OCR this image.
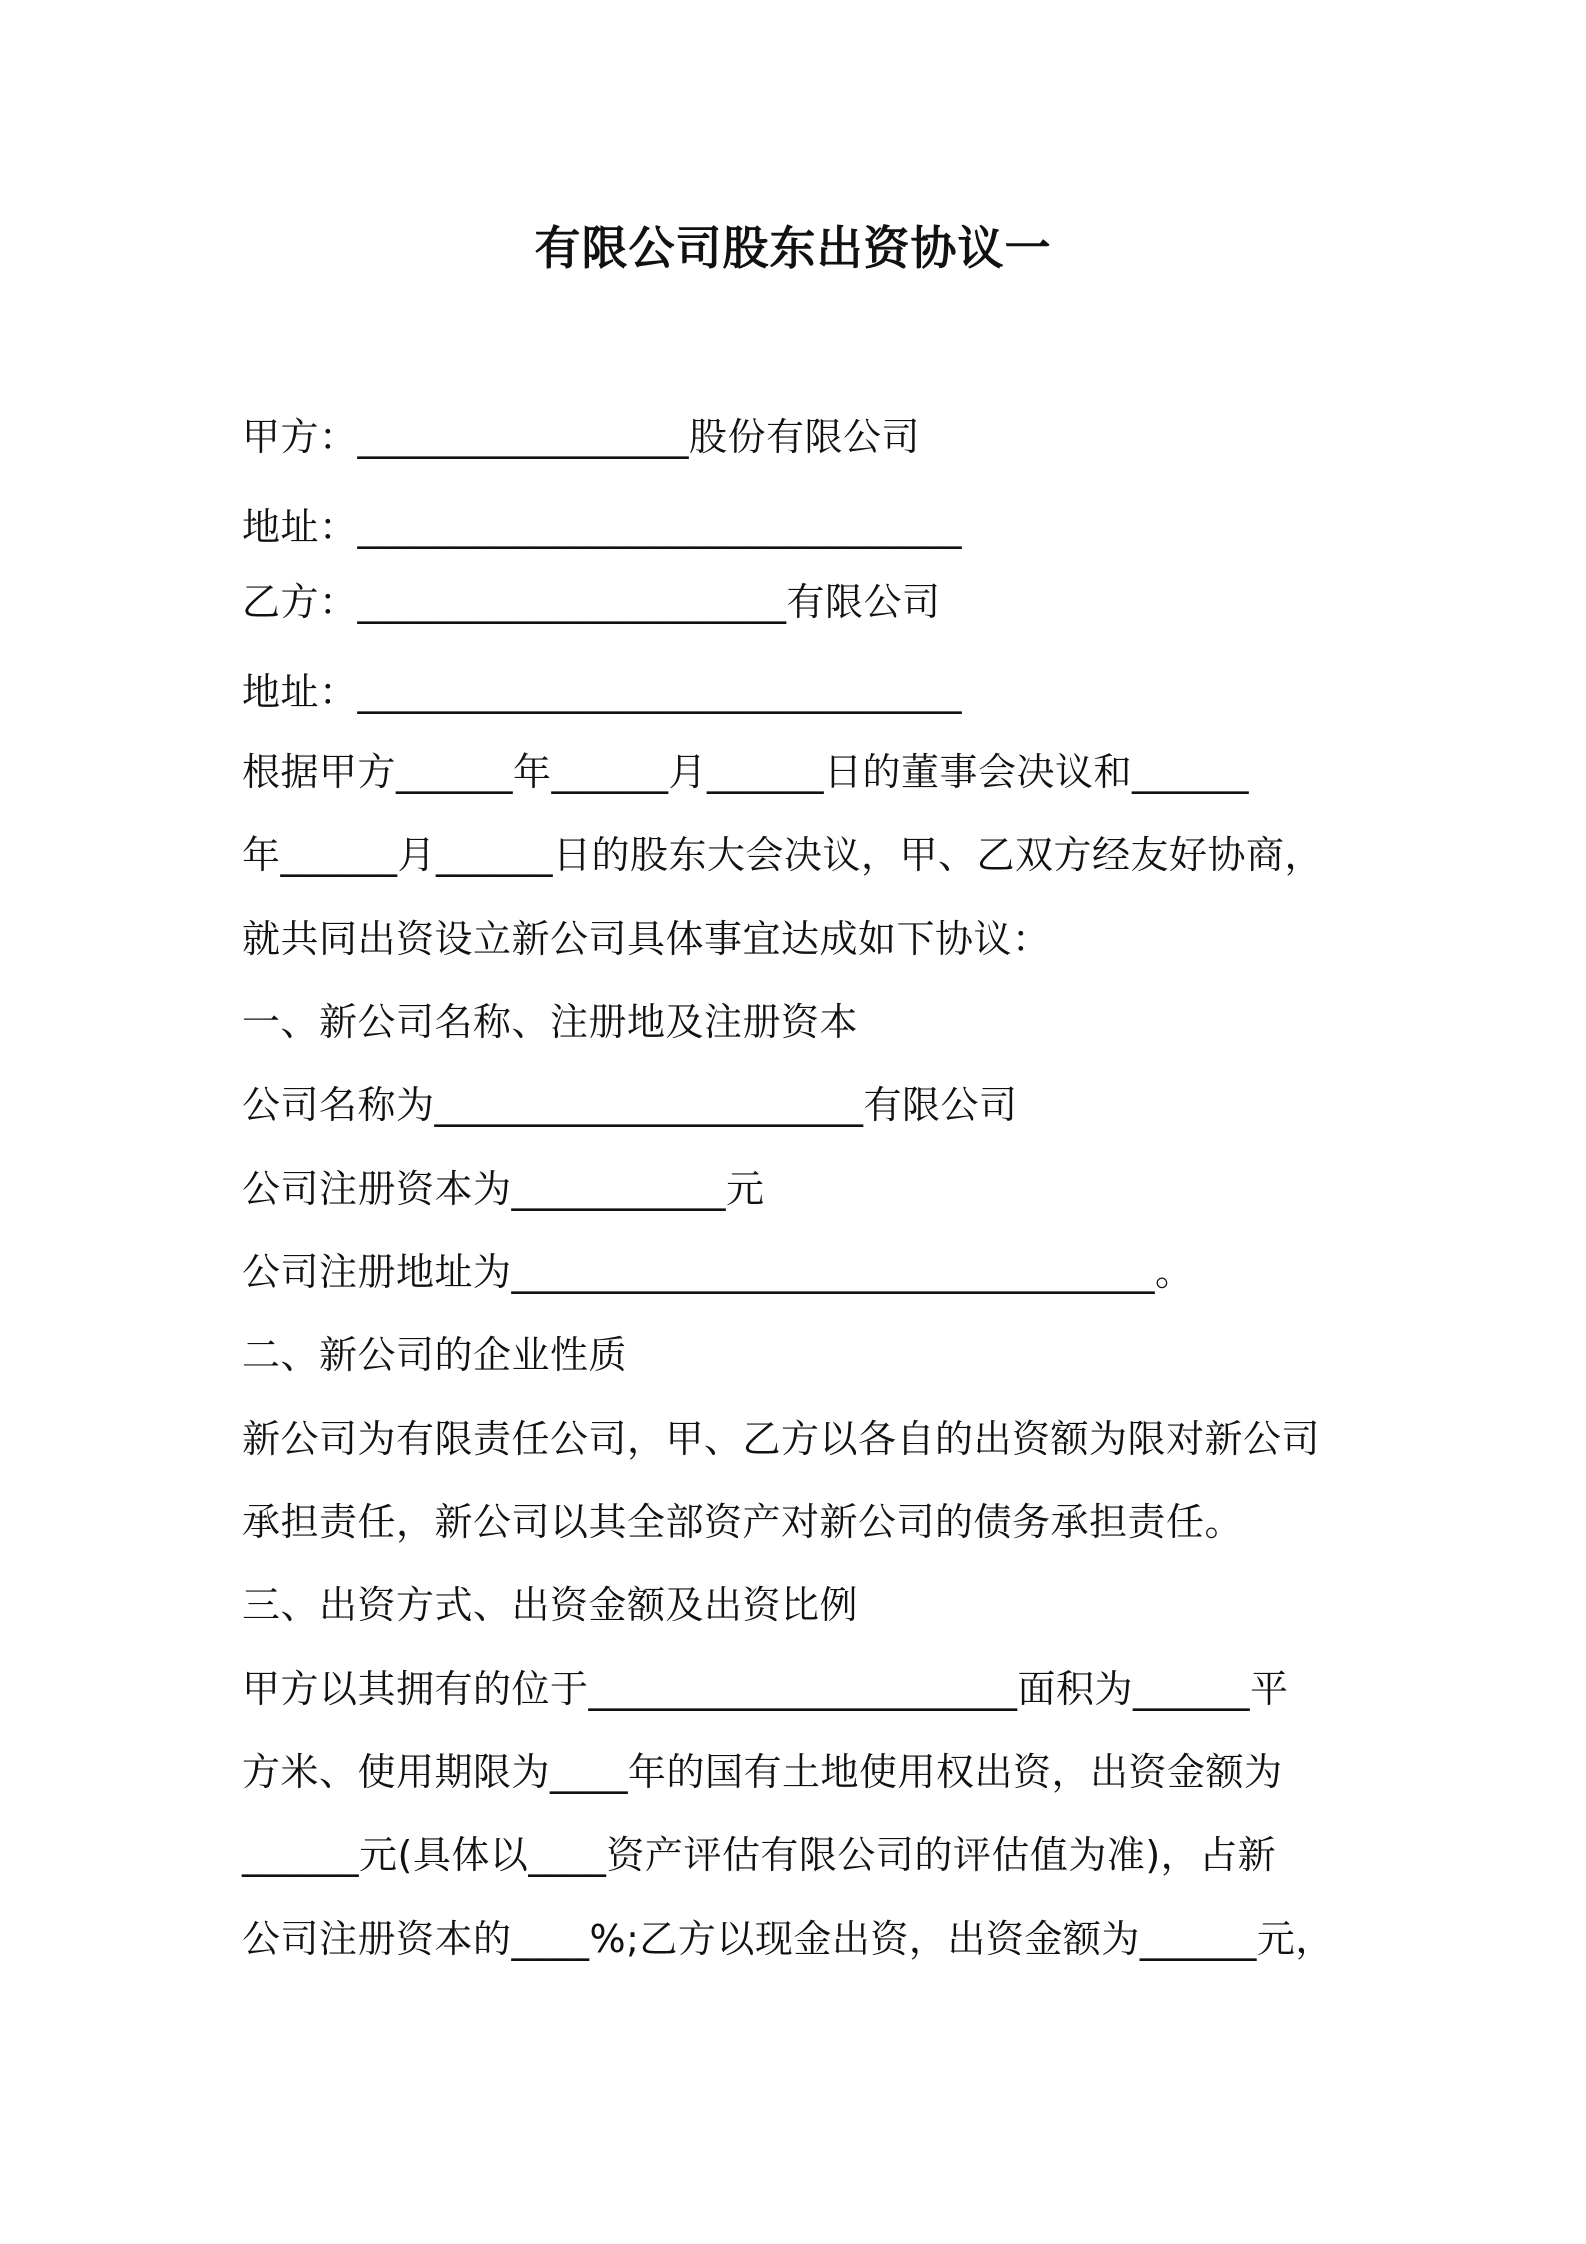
有限公司股东出资协议一
甲方：_________________股份有限公司
地址：_______________________________
乙方：______________________有限公司
地址：_______________________________
根据甲方______年______月______日的董事会决议和______
年______月______日的股东大会决议，甲、乙双方经友好协商，
就共同出资设立新公司具体事宜达成如下协议：
一、新公司名称、注册地及注册资本
公司名称为______________________有限公司
公司注册资本为___________元
公司注册地址为_________________________________。
二、新公司的企业性质
新公司为有限责任公司，甲、乙方以各自的出资额为限对新公司
承担责任，新公司以其全部资产对新公司的债务承担责任。
三、出资方式、出资金额及出资比例
甲方以其拥有的位于______________________面积为______平
方米、使用期限为____年的国有土地使用权出资，出资金额为
______元(具体以____资产评估有限公司的评估值为准)，占新
公司注册资本的____%;乙方以现金出资，出资金额为______元，
